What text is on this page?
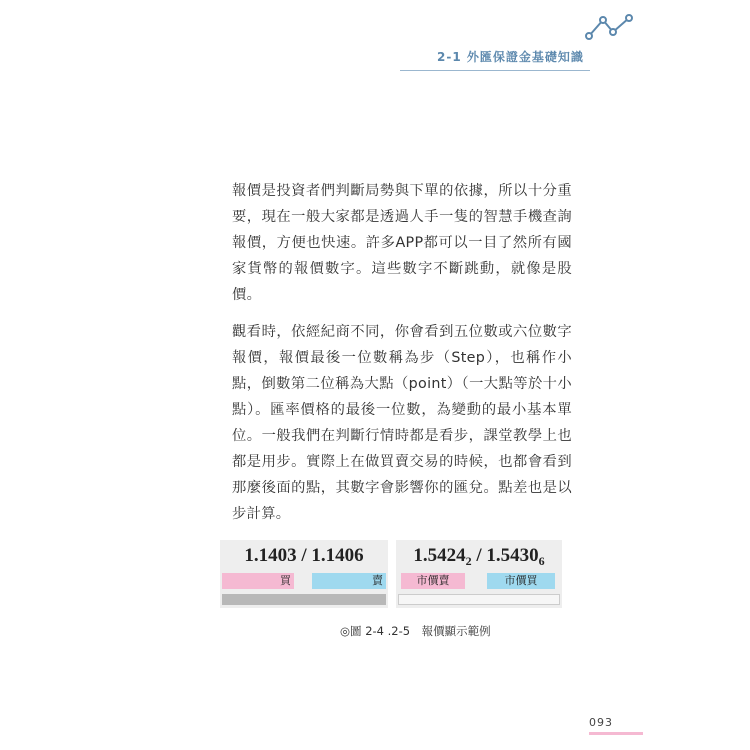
2-1 外匯保證金基礎知識

報價是投資者們判斷局勢與下單的依據，所以十分重要，現在一般大家都是透過人手一隻的智慧手機查詢報價，方便也快速。許多APP都可以一目了然所有國家貨幣的報價數字。這些數字不斷跳動，就像是股價。

觀看時，依經紀商不同，你會看到五位數或六位數字報價，報價最後一位數稱為步（Step），也稱作小點，倒數第二位稱為大點（point）（一大點等於十小點）。匯率價格的最後一位數，為變動的最小基本單位。一般我們在判斷行情時都是看步，課堂教學上也都是用步。實際上在做買賣交易的時候，也都會看到那麼後面的點，其數字會影響你的匯兌。點差也是以步計算。

1.1403 / 1.1406
買	賣
$1.5424_2 / 1.5430_6$
市價賣	市價買
◎圖 2-4 .2-5　報價顯示範例
093
